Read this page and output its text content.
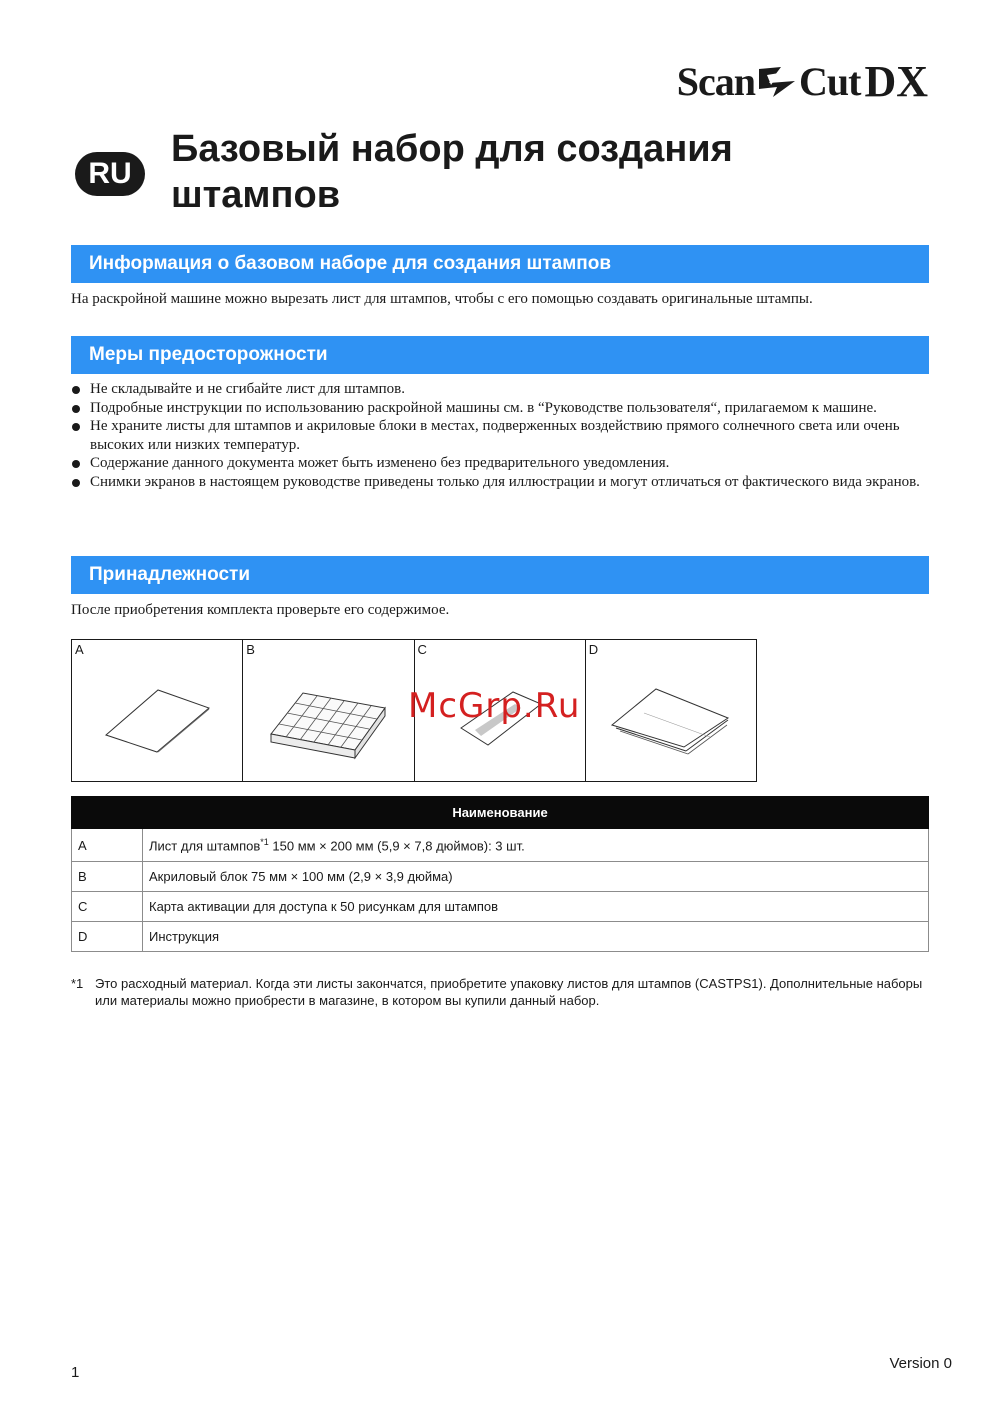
Scan Cut DX
RU
Базовый набор для создания штампов
Информация о базовом наборе для создания штампов

На раскройной машине можно вырезать лист для штампов, чтобы с его помощью создавать оригинальные штампы.

Меры предосторожности
Не складывайте и не сгибайте лист для штампов.
Подробные инструкции по использованию раскройной машины см. в “Руководстве пользователя“, прилагаемом к машине.
Не храните листы для штампов и акриловые блоки в местах, подверженных воздействию прямого солнечного света или очень высоких или низких температур.
Содержание данного документа может быть изменено без предварительного уведомления.
Снимки экранов в настоящем руководстве приведены только для иллюстрации и могут отличаться от фактического вида экранов.
Принадлежности

После приобретения комплекта проверьте его содержимое.

A	B	C	D
McGrp.Ru
Наименование	
A	Лист для штампов$^{*1}$ 150 мм × 200 мм (5,9 × 7,8 дюймов): 3 шт.
B	Акриловый блок 75 мм × 100 мм (2,9 × 3,9 дюйма)
C	Карта активации для доступа к 50 рисункам для штампов
D	Инструкция
*1 Это расходный материал. Когда эти листы закончатся, приобретите упаковку листов для штампов (CASTPS1). Дополнительные наборы или материалы можно приобрести в магазине, в котором вы купили данный набор.
1
Version 0
